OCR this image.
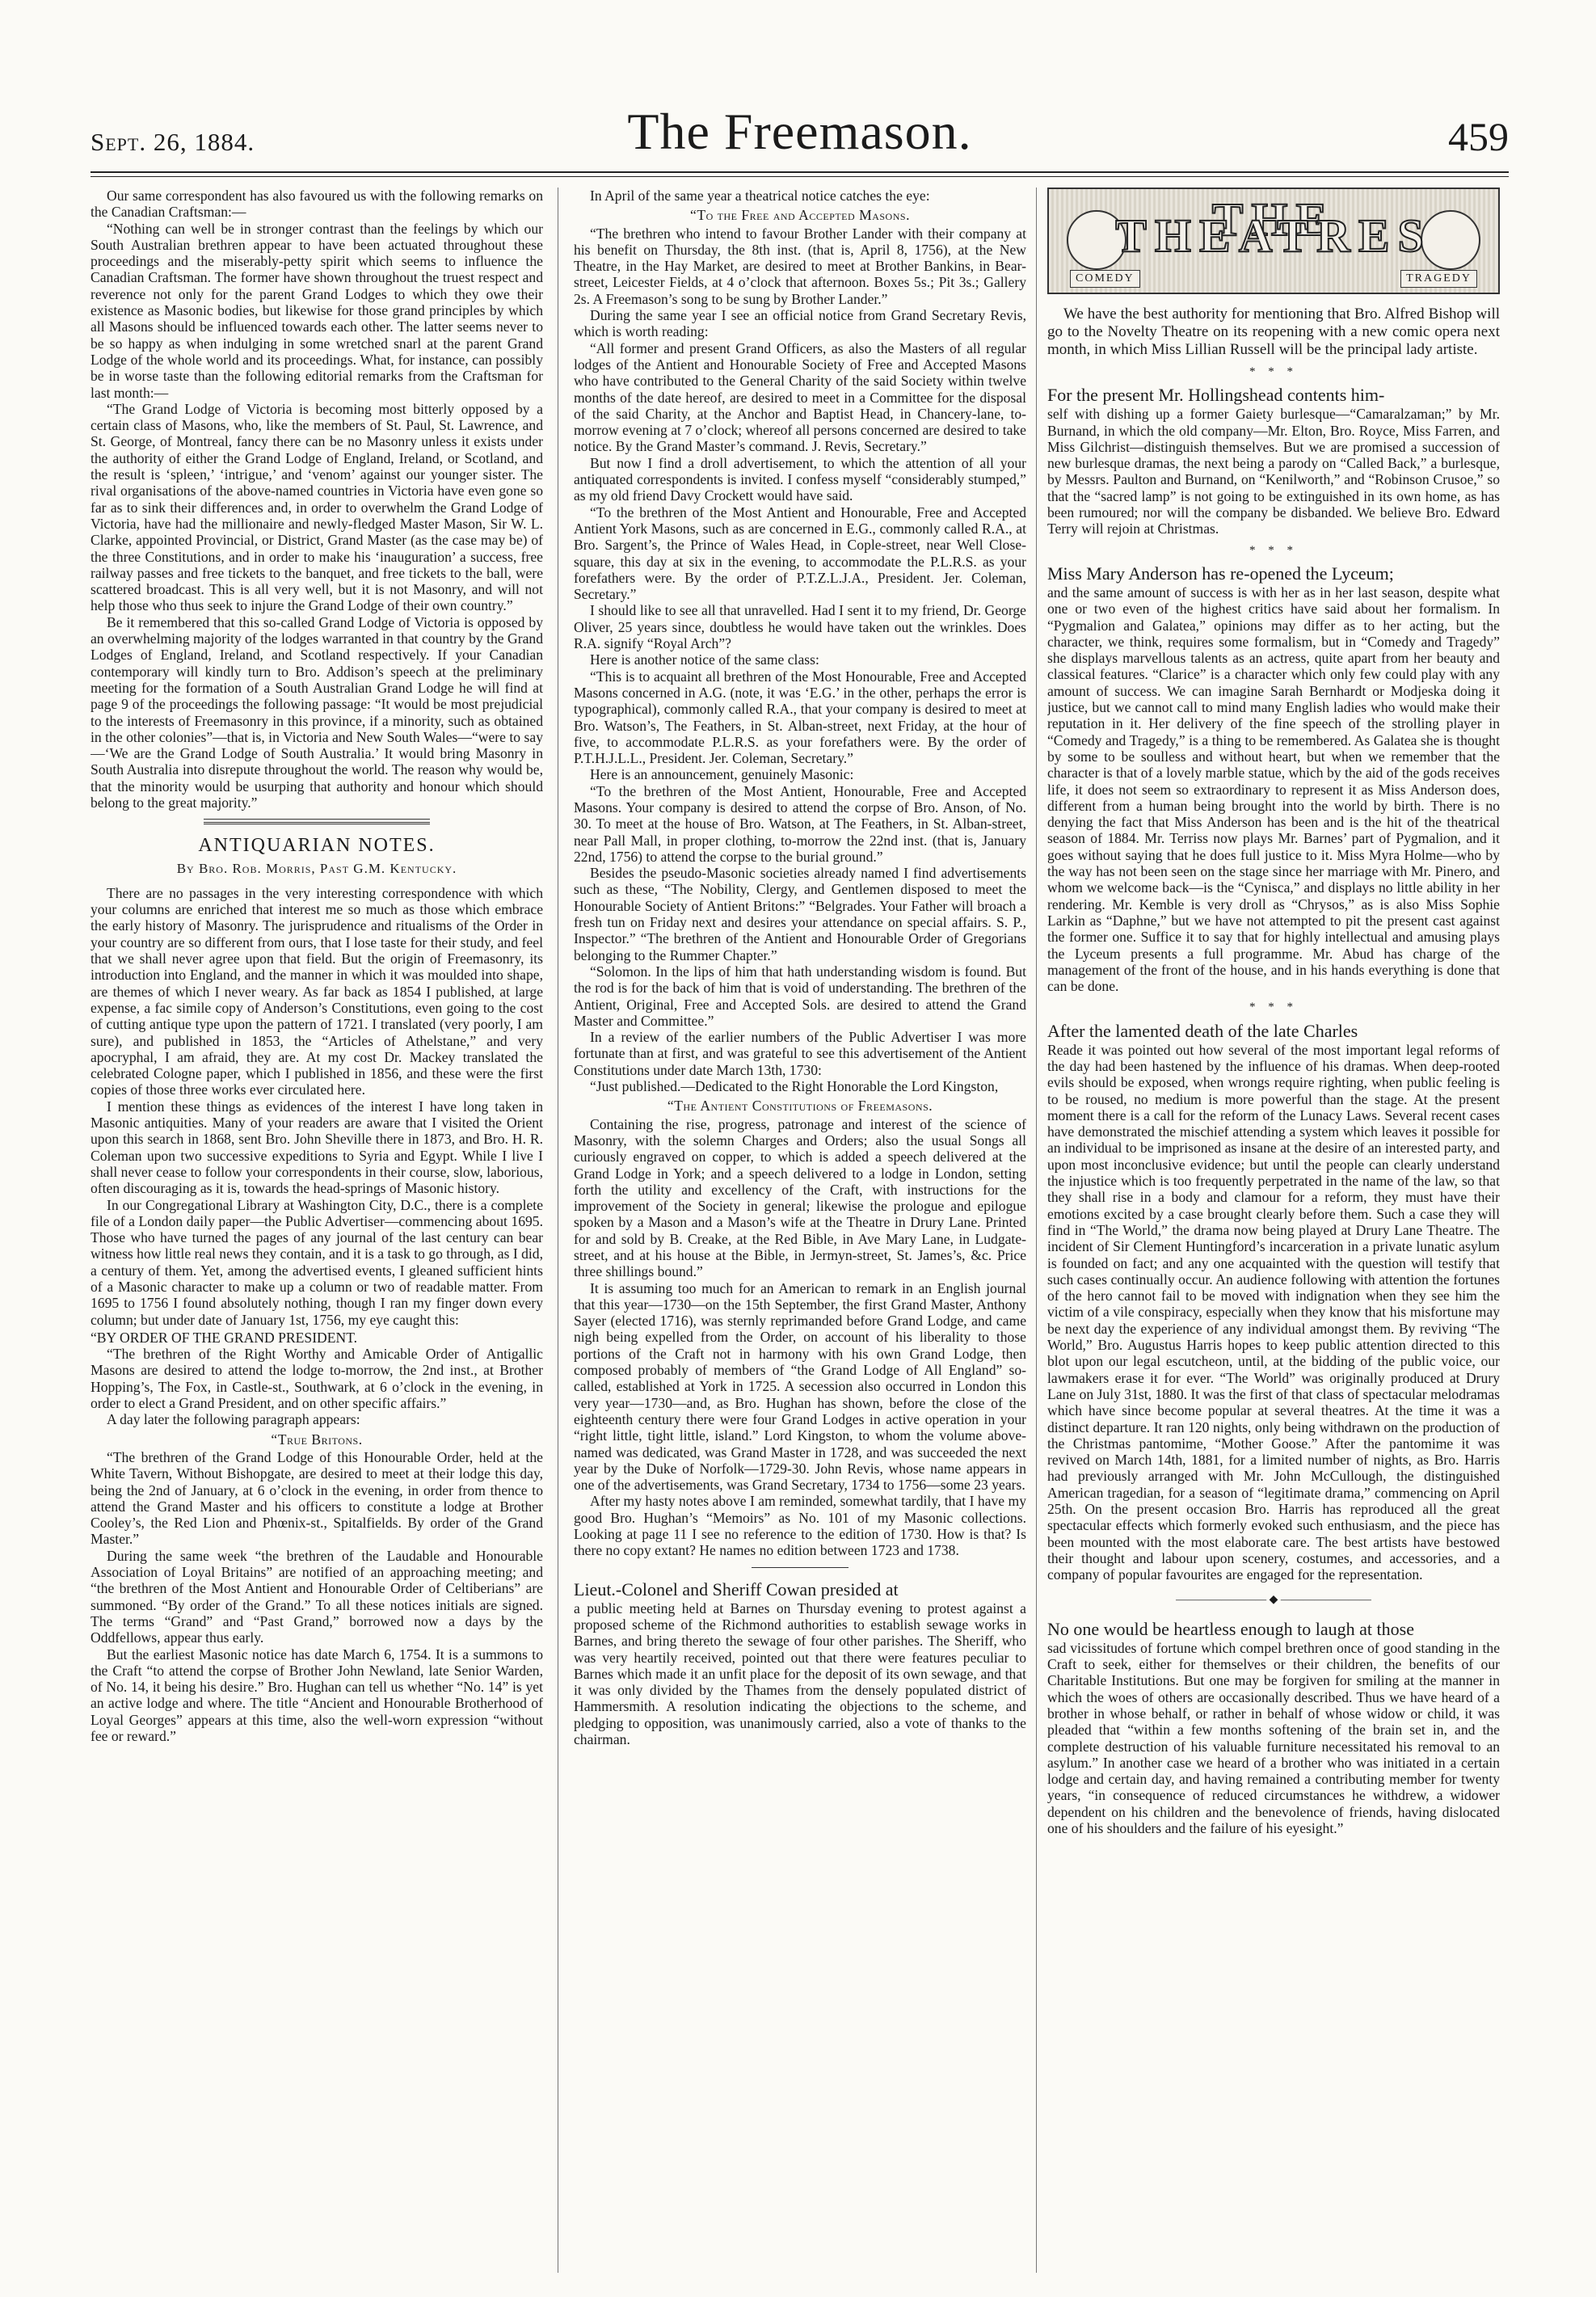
Sept. 26, 1884.	The Freemason.	459

Our same correspondent has also favoured us with the following remarks on the Canadian Craftsman:—

“Nothing can well be in stronger contrast than the feelings by which our South Australian brethren appear to have been actuated throughout these proceedings and the miserably-petty spirit which seems to influence the Canadian Craftsman. The former have shown throughout the truest respect and reverence not only for the parent Grand Lodges to which they owe their existence as Masonic bodies, but likewise for those grand principles by which all Masons should be influenced towards each other. The latter seems never to be so happy as when indulging in some wretched snarl at the parent Grand Lodge of the whole world and its proceedings. What, for instance, can possibly be in worse taste than the following editorial remarks from the Craftsman for last month:—

“The Grand Lodge of Victoria is becoming most bitterly opposed by a certain class of Masons, who, like the members of St. Paul, St. Lawrence, and St. George, of Montreal, fancy there can be no Masonry unless it exists under the authority of either the Grand Lodge of England, Ireland, or Scotland, and the result is ‘spleen,’ ‘intrigue,’ and ‘venom’ against our younger sister. The rival organisations of the above-named countries in Victoria have even gone so far as to sink their differences and, in order to overwhelm the Grand Lodge of Victoria, have had the millionaire and newly-fledged Master Mason, Sir W. L. Clarke, appointed Provincial, or District, Grand Master (as the case may be) of the three Constitutions, and in order to make his ‘inauguration’ a success, free railway passes and free tickets to the banquet, and free tickets to the ball, were scattered broadcast. This is all very well, but it is not Masonry, and will not help those who thus seek to injure the Grand Lodge of their own country.”

Be it remembered that this so-called Grand Lodge of Victoria is opposed by an overwhelming majority of the lodges warranted in that country by the Grand Lodges of England, Ireland, and Scotland respectively. If your Canadian contemporary will kindly turn to Bro. Addison’s speech at the preliminary meeting for the formation of a South Australian Grand Lodge he will find at page 9 of the proceedings the following passage: “It would be most prejudicial to the interests of Freemasonry in this province, if a minority, such as obtained in the other colonies”—that is, in Victoria and New South Wales—“were to say—‘We are the Grand Lodge of South Australia.’ It would bring Masonry in South Australia into disrepute throughout the world. The reason why would be, that the minority would be usurping that authority and honour which should belong to the great majority.”

ANTIQUARIAN NOTES.
By Bro. Rob. Morris, Past G.M. Kentucky.

There are no passages in the very interesting correspondence with which your columns are enriched that interest me so much as those which embrace the early history of Masonry. The jurisprudence and ritualisms of the Order in your country are so different from ours, that I lose taste for their study, and feel that we shall never agree upon that field. But the origin of Freemasonry, its introduction into England, and the manner in which it was moulded into shape, are themes of which I never weary. As far back as 1854 I published, at large expense, a fac simile copy of Anderson’s Constitutions, even going to the cost of cutting antique type upon the pattern of 1721. I translated (very poorly, I am sure), and published in 1853, the “Articles of Athelstane,” and very apocryphal, I am afraid, they are. At my cost Dr. Mackey translated the celebrated Cologne paper, which I published in 1856, and these were the first copies of those three works ever circulated here.

I mention these things as evidences of the interest I have long taken in Masonic antiquities. Many of your readers are aware that I visited the Orient upon this search in 1868, sent Bro. John Sheville there in 1873, and Bro. H. R. Coleman upon two successive expeditions to Syria and Egypt. While I live I shall never cease to follow your correspondents in their course, slow, laborious, often discouraging as it is, towards the head-springs of Masonic history.

In our Congregational Library at Washington City, D.C., there is a complete file of a London daily paper—the Public Advertiser—commencing about 1695. Those who have turned the pages of any journal of the last century can bear witness how little real news they contain, and it is a task to go through, as I did, a century of them. Yet, among the advertised events, I gleaned sufficient hints of a Masonic character to make up a column or two of readable matter. From 1695 to 1756 I found absolutely nothing, though I ran my finger down every column; but under date of January 1st, 1756, my eye caught this:

“BY ORDER OF THE GRAND PRESIDENT.

“The brethren of the Right Worthy and Amicable Order of Antigallic Masons are desired to attend the lodge to-morrow, the 2nd inst., at Brother Hopping’s, The Fox, in Castle-st., Southwark, at 6 o’clock in the evening, in order to elect a Grand President, and on other specific affairs.”

A day later the following paragraph appears:

“True Britons.

“The brethren of the Grand Lodge of this Honourable Order, held at the White Tavern, Without Bishopgate, are desired to meet at their lodge this day, being the 2nd of January, at 6 o’clock in the evening, in order from thence to attend the Grand Master and his officers to constitute a lodge at Brother Cooley’s, the Red Lion and Phœnix-st., Spitalfields. By order of the Grand Master.”

During the same week “the brethren of the Laudable and Honourable Association of Loyal Britains” are notified of an approaching meeting; and “the brethren of the Most Antient and Honourable Order of Celtiberians” are summoned. “By order of the Grand.” To all these notices initials are signed. The terms “Grand” and “Past Grand,” borrowed now a days by the Oddfellows, appear thus early.

But the earliest Masonic notice has date March 6, 1754. It is a summons to the Craft “to attend the corpse of Brother John Newland, late Senior Warden, of No. 14, it being his desire.” Bro. Hughan can tell us whether “No. 14” is yet an active lodge and where. The title “Ancient and Honourable Brotherhood of Loyal Georges” appears at this time, also the well-worn expression “without fee or reward.”

In April of the same year a theatrical notice catches the eye:

“To the Free and Accepted Masons.

“The brethren who intend to favour Brother Lander with their company at his benefit on Thursday, the 8th inst. (that is, April 8, 1756), at the New Theatre, in the Hay Market, are desired to meet at Brother Bankins, in Bear-street, Leicester Fields, at 4 o’clock that afternoon. Boxes 5s.; Pit 3s.; Gallery 2s. A Freemason’s song to be sung by Brother Lander.”

During the same year I see an official notice from Grand Secretary Revis, which is worth reading:

“All former and present Grand Officers, as also the Masters of all regular lodges of the Antient and Honourable Society of Free and Accepted Masons who have contributed to the General Charity of the said Society within twelve months of the date hereof, are desired to meet in a Committee for the disposal of the said Charity, at the Anchor and Baptist Head, in Chancery-lane, to-morrow evening at 7 o’clock; whereof all persons concerned are desired to take notice. By the Grand Master’s command. J. Revis, Secretary.”

But now I find a droll advertisement, to which the attention of all your antiquated correspondents is invited. I confess myself “considerably stumped,” as my old friend Davy Crockett would have said.

“To the brethren of the Most Antient and Honourable, Free and Accepted Antient York Masons, such as are concerned in E.G., commonly called R.A., at Bro. Sargent’s, the Prince of Wales Head, in Cople-street, near Well Close-square, this day at six in the evening, to accommodate the P.L.R.S. as your forefathers were. By the order of P.T.Z.L.J.A., President. Jer. Coleman, Secretary.”

I should like to see all that unravelled. Had I sent it to my friend, Dr. George Oliver, 25 years since, doubtless he would have taken out the wrinkles. Does R.A. signify “Royal Arch”?

Here is another notice of the same class:

“This is to acquaint all brethren of the Most Honourable, Free and Accepted Masons concerned in A.G. (note, it was ‘E.G.’ in the other, perhaps the error is typographical), commonly called R.A., that your company is desired to meet at Bro. Watson’s, The Feathers, in St. Alban-street, next Friday, at the hour of five, to accommodate P.L.R.S. as your forefathers were. By the order of P.T.H.J.L.L., President. Jer. Coleman, Secretary.”

Here is an announcement, genuinely Masonic:

“To the brethren of the Most Antient, Honourable, Free and Accepted Masons. Your company is desired to attend the corpse of Bro. Anson, of No. 30. To meet at the house of Bro. Watson, at The Feathers, in St. Alban-street, near Pall Mall, in proper clothing, to-morrow the 22nd inst. (that is, January 22nd, 1756) to attend the corpse to the burial ground.”

Besides the pseudo-Masonic societies already named I find advertisements such as these, “The Nobility, Clergy, and Gentlemen disposed to meet the Honourable Society of Antient Britons:” “Belgrades. Your Father will broach a fresh tun on Friday next and desires your attendance on special affairs. S. P., Inspector.” “The brethren of the Antient and Honourable Order of Gregorians belonging to the Rummer Chapter.”

“Solomon. In the lips of him that hath understanding wisdom is found. But the rod is for the back of him that is void of understanding. The brethren of the Antient, Original, Free and Accepted Sols. are desired to attend the Grand Master and Committee.”

In a review of the earlier numbers of the Public Advertiser I was more fortunate than at first, and was grateful to see this advertisement of the Antient Constitutions under date March 13th, 1730:

“Just published.—Dedicated to the Right Honorable the Lord Kingston,

“The Antient Constitutions of Freemasons.

Containing the rise, progress, patronage and interest of the science of Masonry, with the solemn Charges and Orders; also the usual Songs all curiously engraved on copper, to which is added a speech delivered at the Grand Lodge in York; and a speech delivered to a lodge in London, setting forth the utility and excellency of the Craft, with instructions for the improvement of the Society in general; likewise the prologue and epilogue spoken by a Mason and a Mason’s wife at the Theatre in Drury Lane. Printed for and sold by B. Creake, at the Red Bible, in Ave Mary Lane, in Ludgate-street, and at his house at the Bible, in Jermyn-street, St. James’s, &c. Price three shillings bound.”

It is assuming too much for an American to remark in an English journal that this year—1730—on the 15th September, the first Grand Master, Anthony Sayer (elected 1716), was sternly reprimanded before Grand Lodge, and came nigh being expelled from the Order, on account of his liberality to those portions of the Craft not in harmony with his own Grand Lodge, then composed probably of members of “the Grand Lodge of All England” so-called, established at York in 1725. A secession also occurred in London this very year—1730—and, as Bro. Hughan has shown, before the close of the eighteenth century there were four Grand Lodges in active operation in your “right little, tight little, island.” Lord Kingston, to whom the volume above-named was dedicated, was Grand Master in 1728, and was succeeded the next year by the Duke of Norfolk—1729-30. John Revis, whose name appears in one of the advertisements, was Grand Secretary, 1734 to 1756—some 23 years.

After my hasty notes above I am reminded, somewhat tardily, that I have my good Bro. Hughan’s “Memoirs” as No. 101 of my Masonic collections. Looking at page 11 I see no reference to the edition of 1730. How is that? Is there no copy extant? He names no edition between 1723 and 1738.

Lieut.-Colonel and Sheriff Cowan presided at

a public meeting held at Barnes on Thursday evening to protest against a proposed scheme of the Richmond authorities to establish sewage works in Barnes, and bring thereto the sewage of four other parishes. The Sheriff, who was very heartily received, pointed out that there were features peculiar to Barnes which made it an unfit place for the deposit of its own sewage, and that it was only divided by the Thames from the densely populated district of Hammersmith. A resolution indicating the objections to the scheme, and pledging to opposition, was unanimously carried, also a vote of thanks to the chairman.

THE THEATRES
COMEDY	TRAGEDY

We have the best authority for mentioning that Bro. Alfred Bishop will go to the Novelty Theatre on its reopening with a new comic opera next month, in which Miss Lillian Russell will be the principal lady artiste.

* * *

For the present Mr. Hollingshead contents him-

self with dishing up a former Gaiety burlesque—“Camaralzaman;” by Mr. Burnand, in which the old company—Mr. Elton, Bro. Royce, Miss Farren, and Miss Gilchrist—distinguish themselves. But we are promised a succession of new burlesque dramas, the next being a parody on “Called Back,” a burlesque, by Messrs. Paulton and Burnand, on “Kenilworth,” and “Robinson Crusoe,” so that the “sacred lamp” is not going to be extinguished in its own home, as has been rumoured; nor will the company be disbanded. We believe Bro. Edward Terry will rejoin at Christmas.

* * *

Miss Mary Anderson has re-opened the Lyceum;

and the same amount of success is with her as in her last season, despite what one or two even of the highest critics have said about her formalism. In “Pygmalion and Galatea,” opinions may differ as to her acting, but the character, we think, requires some formalism, but in “Comedy and Tragedy” she displays marvellous talents as an actress, quite apart from her beauty and classical features. “Clarice” is a character which only few could play with any amount of success. We can imagine Sarah Bernhardt or Modjeska doing it justice, but we cannot call to mind many English ladies who would make their reputation in it. Her delivery of the fine speech of the strolling player in “Comedy and Tragedy,” is a thing to be remembered. As Galatea she is thought by some to be soulless and without heart, but when we remember that the character is that of a lovely marble statue, which by the aid of the gods receives life, it does not seem so extraordinary to represent it as Miss Anderson does, different from a human being brought into the world by birth. There is no denying the fact that Miss Anderson has been and is the hit of the theatrical season of 1884. Mr. Terriss now plays Mr. Barnes’ part of Pygmalion, and it goes without saying that he does full justice to it. Miss Myra Holme—who by the way has not been seen on the stage since her marriage with Mr. Pinero, and whom we welcome back—is the “Cynisca,” and displays no little ability in her rendering. Mr. Kemble is very droll as “Chrysos,” as is also Miss Sophie Larkin as “Daphne,” but we have not attempted to pit the present cast against the former one. Suffice it to say that for highly intellectual and amusing plays the Lyceum presents a full programme. Mr. Abud has charge of the management of the front of the house, and in his hands everything is done that can be done.

* * *

After the lamented death of the late Charles

Reade it was pointed out how several of the most important legal reforms of the day had been hastened by the influence of his dramas. When deep-rooted evils should be exposed, when wrongs require righting, when public feeling is to be roused, no medium is more powerful than the stage. At the present moment there is a call for the reform of the Lunacy Laws. Several recent cases have demonstrated the mischief attending a system which leaves it possible for an individual to be imprisoned as insane at the desire of an interested party, and upon most inconclusive evidence; but until the people can clearly understand the injustice which is too frequently perpetrated in the name of the law, so that they shall rise in a body and clamour for a reform, they must have their emotions excited by a case brought clearly before them. Such a case they will find in “The World,” the drama now being played at Drury Lane Theatre. The incident of Sir Clement Huntingford’s incarceration in a private lunatic asylum is founded on fact; and any one acquainted with the question will testify that such cases continually occur. An audience following with attention the fortunes of the hero cannot fail to be moved with indignation when they see him the victim of a vile conspiracy, especially when they know that his misfortune may be next day the experience of any individual amongst them. By reviving “The World,” Bro. Augustus Harris hopes to keep public attention directed to this blot upon our legal escutcheon, until, at the bidding of the public voice, our lawmakers erase it for ever. “The World” was originally produced at Drury Lane on July 31st, 1880. It was the first of that class of spectacular melodramas which have since become popular at several theatres. At the time it was a distinct departure. It ran 120 nights, only being withdrawn on the production of the Christmas pantomime, “Mother Goose.” After the pantomime it was revived on March 14th, 1881, for a limited number of nights, as Bro. Harris had previously arranged with Mr. John McCullough, the distinguished American tragedian, for a season of “legitimate drama,” commencing on April 25th. On the present occasion Bro. Harris has reproduced all the great spectacular effects which formerly evoked such enthusiasm, and the piece has been mounted with the most elaborate care. The best artists have bestowed their thought and labour upon scenery, costumes, and accessories, and a company of popular favourites are engaged for the representation.

———————— ◆ ————————

No one would be heartless enough to laugh at those

sad vicissitudes of fortune which compel brethren once of good standing in the Craft to seek, either for themselves or their children, the benefits of our Charitable Institutions. But one may be forgiven for smiling at the manner in which the woes of others are occasionally described. Thus we have heard of a brother in whose behalf, or rather in behalf of whose widow or child, it was pleaded that “within a few months softening of the brain set in, and the complete destruction of his valuable furniture necessitated his removal to an asylum.” In another case we heard of a brother who was initiated in a certain lodge and certain day, and having remained a contributing member for twenty years, “in consequence of reduced circumstances he withdrew, a widower dependent on his children and the benevolence of friends, having dislocated one of his shoulders and the failure of his eyesight.”
